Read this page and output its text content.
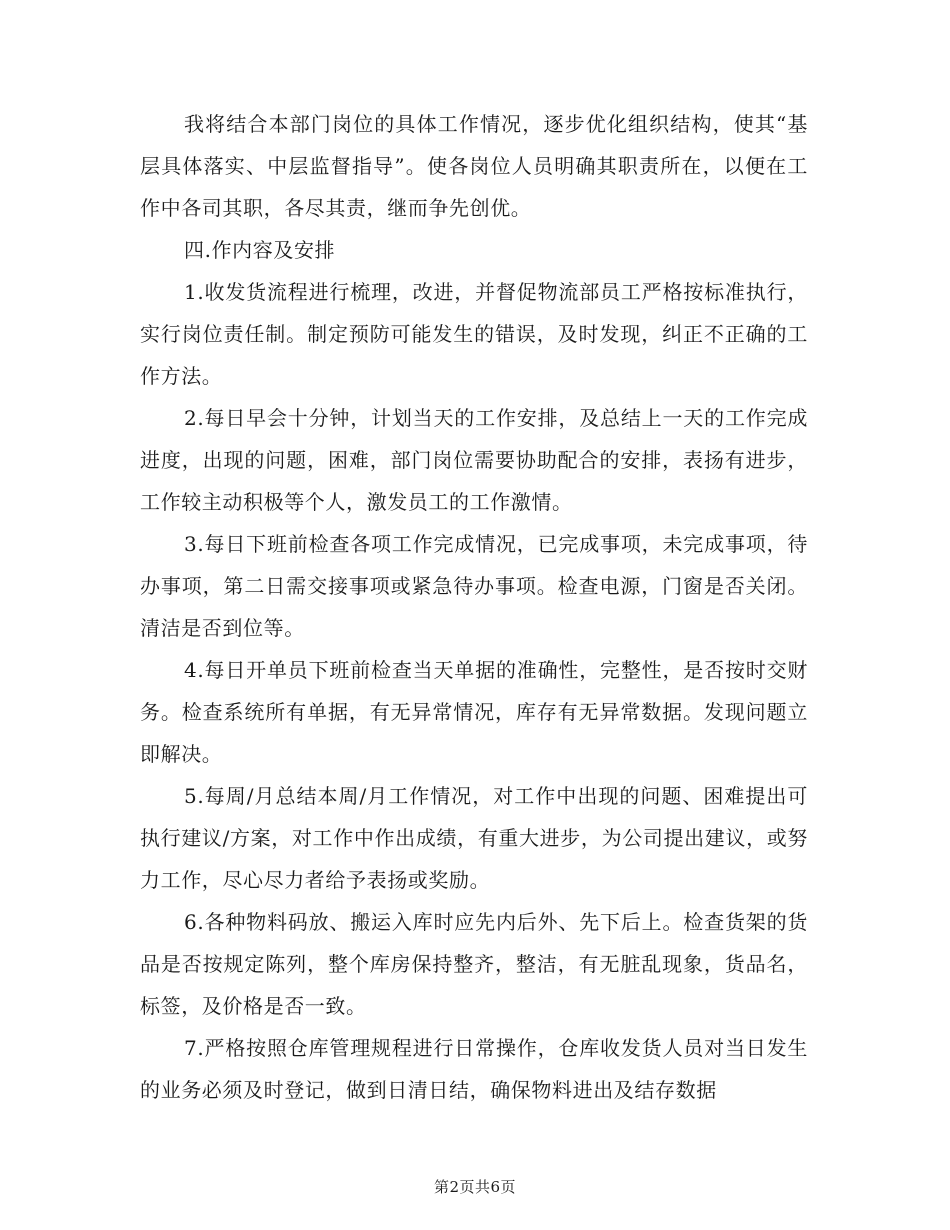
我将结合本部门岗位的具体工作情况，逐步优化组织结构，使其“基层具体落实、中层监督指导”。使各岗位人员明确其职责所在，以便在工作中各司其职，各尽其责，继而争先创优。

四.作内容及安排

1.收发货流程进行梳理，改进，并督促物流部员工严格按标准执行，实行岗位责任制。制定预防可能发生的错误，及时发现，纠正不正确的工作方法。

2.每日早会十分钟，计划当天的工作安排，及总结上一天的工作完成进度，出现的问题，困难，部门岗位需要协助配合的安排，表扬有进步，工作较主动积极等个人，激发员工的工作激情。

3.每日下班前检查各项工作完成情况，已完成事项，未完成事项，待办事项，第二日需交接事项或紧急待办事项。检查电源，门窗是否关闭。清洁是否到位等。

4.每日开单员下班前检查当天单据的准确性，完整性，是否按时交财务。检查系统所有单据，有无异常情况，库存有无异常数据。发现问题立即解决。

5.每周/月总结本周/月工作情况，对工作中出现的问题、困难提出可执行建议/方案，对工作中作出成绩，有重大进步，为公司提出建议，或努力工作，尽心尽力者给予表扬或奖励。

6.各种物料码放、搬运入库时应先内后外、先下后上。检查货架的货品是否按规定陈列，整个库房保持整齐，整洁，有无脏乱现象，货品名，标签，及价格是否一致。

7.严格按照仓库管理规程进行日常操作，仓库收发货人员对当日发生的业务必须及时登记，做到日清日结，确保物料进出及结存数据

第2页共6页
